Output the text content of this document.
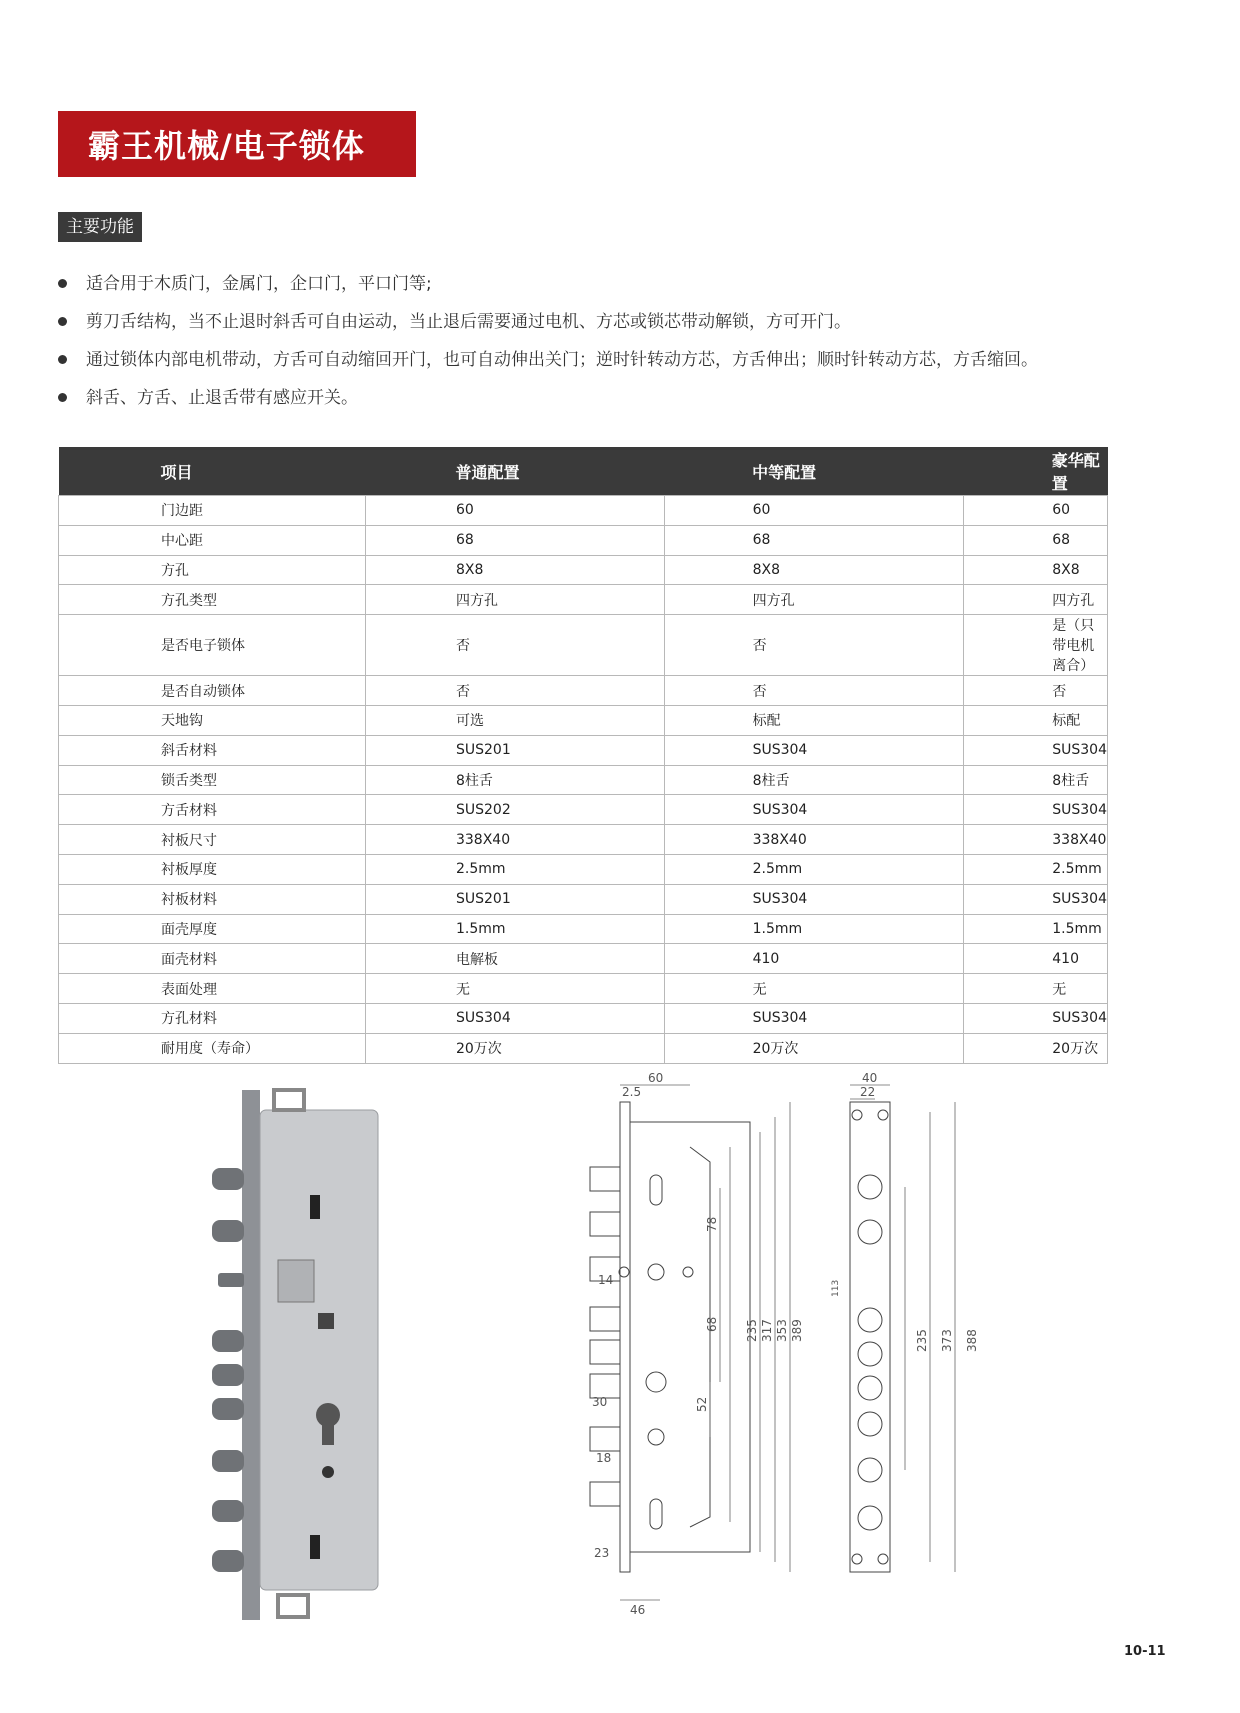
霸王机械/电子锁体
主要功能
适合用于木质门，金属门，企口门，平口门等;
剪刀舌结构，当不止退时斜舌可自由运动，当止退后需要通过电机、方芯或锁芯带动解锁，方可开门。
通过锁体内部电机带动，方舌可自动缩回开门，也可自动伸出关门；逆时针转动方芯，方舌伸出；顺时针转动方芯，方舌缩回。
斜舌、方舌、止退舌带有感应开关。
项目	普通配置	中等配置	豪华配置
门边距	60	60	60
中心距	68	68	68
方孔	8X8	8X8	8X8
方孔类型	四方孔	四方孔	四方孔
是否电子锁体	否	否	是（只带电机离合）
是否自动锁体	否	否	否
天地钩	可选	标配	标配
斜舌材料	SUS201	SUS304	SUS304
锁舌类型	8柱舌	8柱舌	8柱舌
方舌材料	SUS202	SUS304	SUS304
衬板尺寸	338X40	338X40	338X40
衬板厚度	2.5mm	2.5mm	2.5mm
衬板材料	SUS201	SUS304	SUS304
面壳厚度	1.5mm	1.5mm	1.5mm
面壳材料	电解板	410	410
表面处理	无	无	无
方孔材料	SUS304	SUS304	SUS304
耐用度（寿命）	20万次	20万次	20万次
60
2.5
14
30
18
23
46
78
68
52
235 317 353 389
40
22
113
235 373 388
10-11
